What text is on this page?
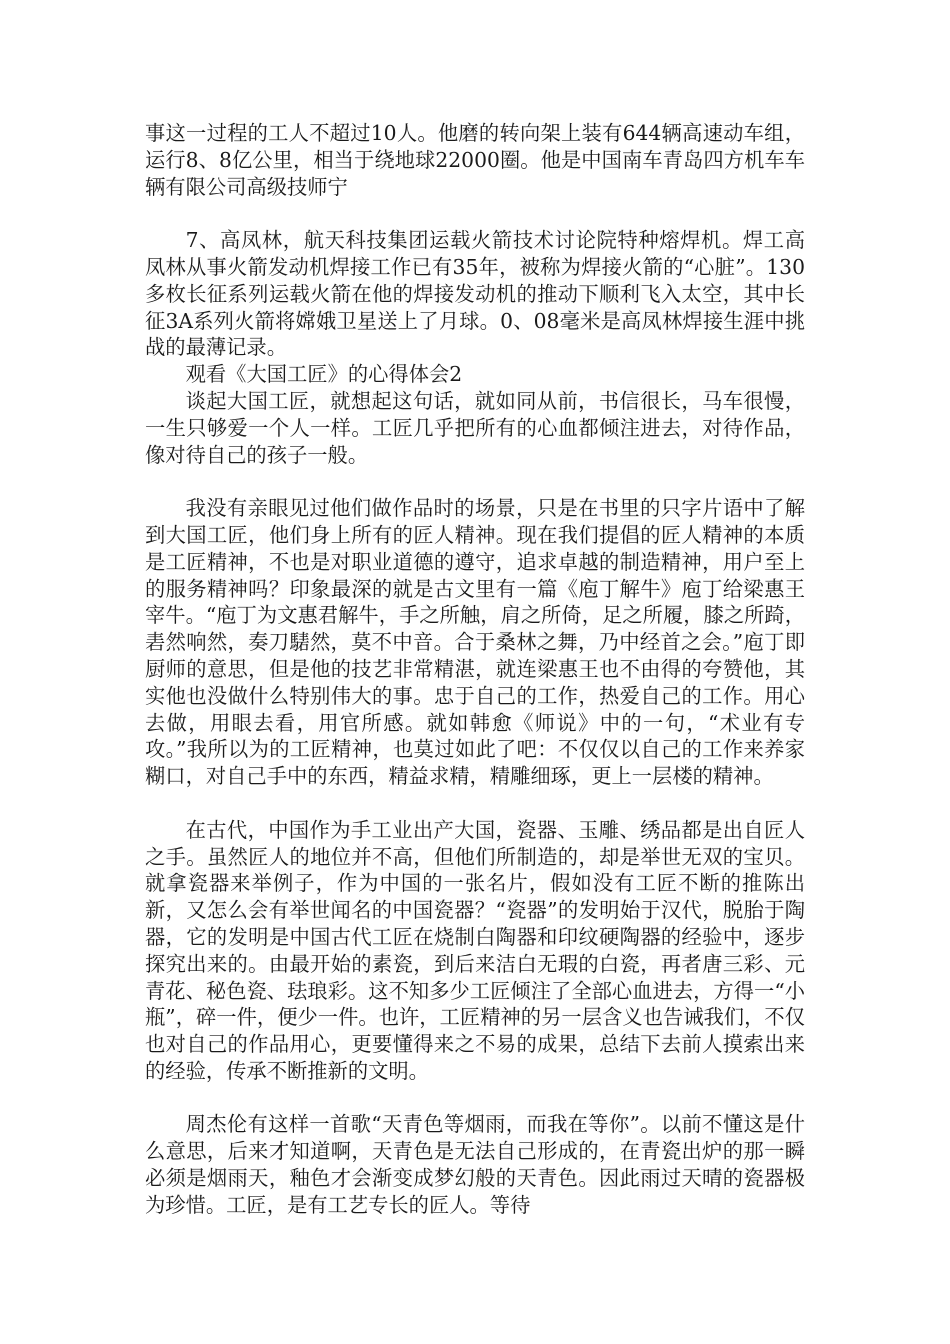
事这一过程的工人不超过10人。他磨的转向架上装有644辆高速动车组，运行8、8亿公里，相当于绕地球22000圈。他是中国南车青岛四方机车车辆有限公司高级技师宁

7、高凤林，航天科技集团运载火箭技术讨论院特种熔焊机。焊工高凤林从事火箭发动机焊接工作已有35年，被称为焊接火箭的“心脏”。130多枚长征系列运载火箭在他的焊接发动机的推动下顺利飞入太空，其中长征3A系列火箭将嫦娥卫星送上了月球。0、08毫米是高凤林焊接生涯中挑战的最薄记录。

观看《大国工匠》的心得体会2

谈起大国工匠，就想起这句话，就如同从前，书信很长，马车很慢，一生只够爱一个人一样。工匠几乎把所有的心血都倾注进去，对待作品，像对待自己的孩子一般。

我没有亲眼见过他们做作品时的场景，只是在书里的只字片语中了解到大国工匠，他们身上所有的匠人精神。现在我们提倡的匠人精神的本质是工匠精神，不也是对职业道德的遵守，追求卓越的制造精神，用户至上的服务精神吗？印象最深的就是古文里有一篇《庖丁解牛》庖丁给梁惠王宰牛。“庖丁为文惠君解牛，手之所触，肩之所倚，足之所履，膝之所踦，砉然响然，奏刀騞然，莫不中音。合于桑林之舞，乃中经首之会。”庖丁即厨师的意思，但是他的技艺非常精湛，就连梁惠王也不由得的夸赞他，其实他也没做什么特别伟大的事。忠于自己的工作，热爱自己的工作。用心去做，用眼去看，用官所感。就如韩愈《师说》中的一句，“术业有专攻。”我所以为的工匠精神，也莫过如此了吧：不仅仅以自己的工作来养家糊口，对自己手中的东西，精益求精，精雕细琢，更上一层楼的精神。

在古代，中国作为手工业出产大国，瓷器、玉雕、绣品都是出自匠人之手。虽然匠人的地位并不高，但他们所制造的，却是举世无双的宝贝。就拿瓷器来举例子，作为中国的一张名片，假如没有工匠不断的推陈出新，又怎么会有举世闻名的中国瓷器？“瓷器”的发明始于汉代，脱胎于陶器，它的发明是中国古代工匠在烧制白陶器和印纹硬陶器的经验中，逐步探究出来的。由最开始的素瓷，到后来洁白无瑕的白瓷，再者唐三彩、元青花、秘色瓷、珐琅彩。这不知多少工匠倾注了全部心血进去，方得一“小瓶”，碎一件，便少一件。也许，工匠精神的另一层含义也告诫我们，不仅也对自己的作品用心，更要懂得来之不易的成果，总结下去前人摸索出来的经验，传承不断推新的文明。

周杰伦有这样一首歌“天青色等烟雨，而我在等你”。以前不懂这是什么意思，后来才知道啊，天青色是无法自己形成的，在青瓷出炉的那一瞬必须是烟雨天，釉色才会渐变成梦幻般的天青色。因此雨过天晴的瓷器极为珍惜。工匠，是有工艺专长的匠人。等待
